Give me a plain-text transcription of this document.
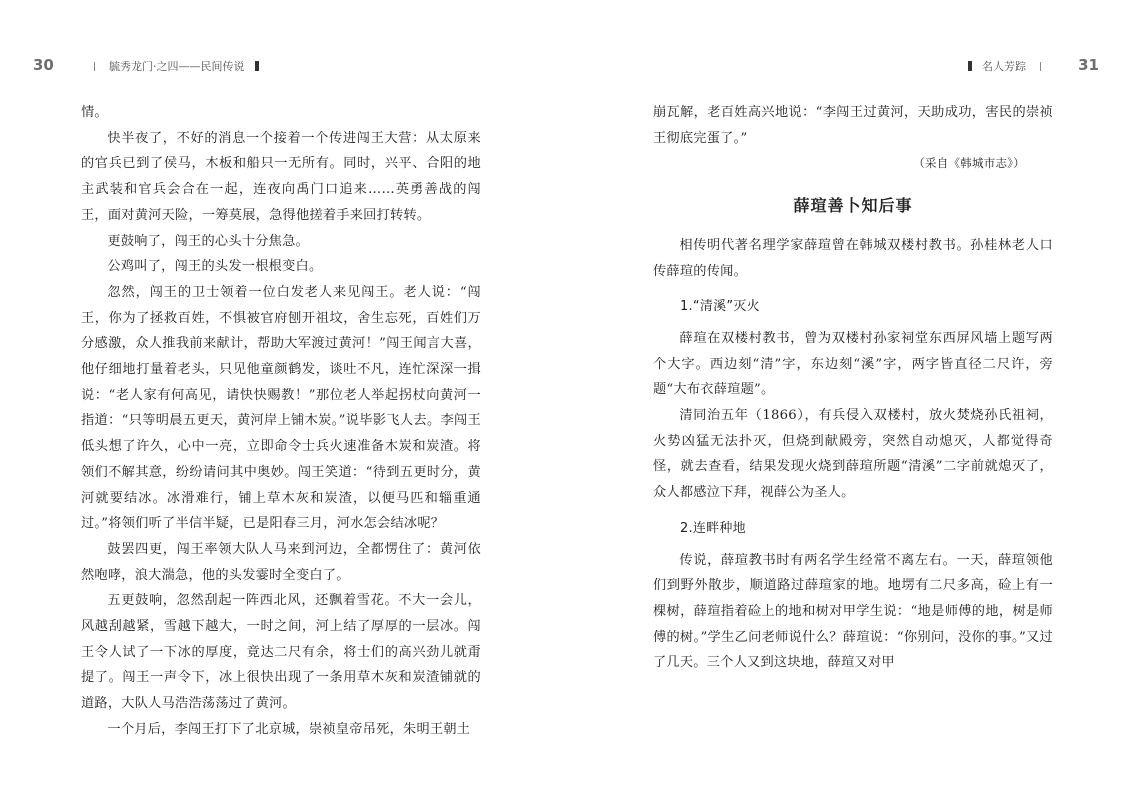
30	毓秀龙门·之四——民间传说	名人芳踪	31

情。

快半夜了，不好的消息一个接着一个传进闯王大营：从太原来的官兵已到了侯马，木板和船只一无所有。同时，兴平、合阳的地主武装和官兵会合在一起，连夜向禹门口追来……英勇善战的闯王，面对黄河天险，一筹莫展，急得他搓着手来回打转转。

更鼓响了，闯王的心头十分焦急。

公鸡叫了，闯王的头发一根根变白。

忽然，闯王的卫士领着一位白发老人来见闯王。老人说：“闯王，你为了拯救百姓，不惧被官府刨开祖坟，舍生忘死，百姓们万分感激，众人推我前来献计，帮助大军渡过黄河！”闯王闻言大喜，他仔细地打量着老头，只见他童颜鹤发，谈吐不凡，连忙深深一揖说：“老人家有何高见，请快快赐教！”那位老人举起拐杖向黄河一指道：“只等明晨五更天，黄河岸上铺木炭。”说毕影飞人去。李闯王低头想了许久，心中一亮，立即命令士兵火速准备木炭和炭渣。将领们不解其意，纷纷请问其中奥妙。闯王笑道：“待到五更时分，黄河就要结冰。冰滑难行，铺上草木灰和炭渣，以便马匹和辎重通过。”将领们听了半信半疑，已是阳春三月，河水怎会结冰呢？

鼓罢四更，闯王率领大队人马来到河边，全都愣住了：黄河依然咆哮，浪大湍急，他的头发霎时全变白了。

五更鼓响，忽然刮起一阵西北风，还飘着雪花。不大一会儿，风越刮越紧，雪越下越大，一时之间，河上结了厚厚的一层冰。闯王令人试了一下冰的厚度，竟达二尺有余，将士们的高兴劲儿就甭提了。闯王一声令下，冰上很快出现了一条用草木灰和炭渣铺就的道路，大队人马浩浩荡荡过了黄河。

一个月后，李闯王打下了北京城，崇祯皇帝吊死，朱明王朝土

崩瓦解，老百姓高兴地说：“李闯王过黄河，天助成功，害民的崇祯王彻底完蛋了。”

（采自《韩城市志》）

薛瑄善卜知后事

相传明代著名理学家薛瑄曾在韩城双楼村教书。孙桂林老人口传薛瑄的传闻。

1.“清溪”灭火

薛瑄在双楼村教书，曾为双楼村孙家祠堂东西屏风墙上题写两个大字。西边刻“清”字，东边刻“溪”字，两字皆直径二尺许，旁题“大布衣薛瑄题”。

清同治五年（1866），有兵侵入双楼村，放火焚烧孙氏祖祠，火势凶猛无法扑灭，但烧到献殿旁，突然自动熄灭，人都觉得奇怪，就去查看，结果发现火烧到薛瑄所题“清溪”二字前就熄灭了，众人都感泣下拜，视薛公为圣人。

2.连畔种地

传说，薛瑄教书时有两名学生经常不离左右。一天，薛瑄领他们到野外散步，顺道路过薛瑄家的地。地塄有二尺多高，硷上有一棵树，薛瑄指着硷上的地和树对甲学生说：“地是师傅的地，树是师傅的树。”学生乙问老师说什么？薛瑄说：“你别问，没你的事。”又过了几天。三个人又到这块地，薛瑄又对甲
